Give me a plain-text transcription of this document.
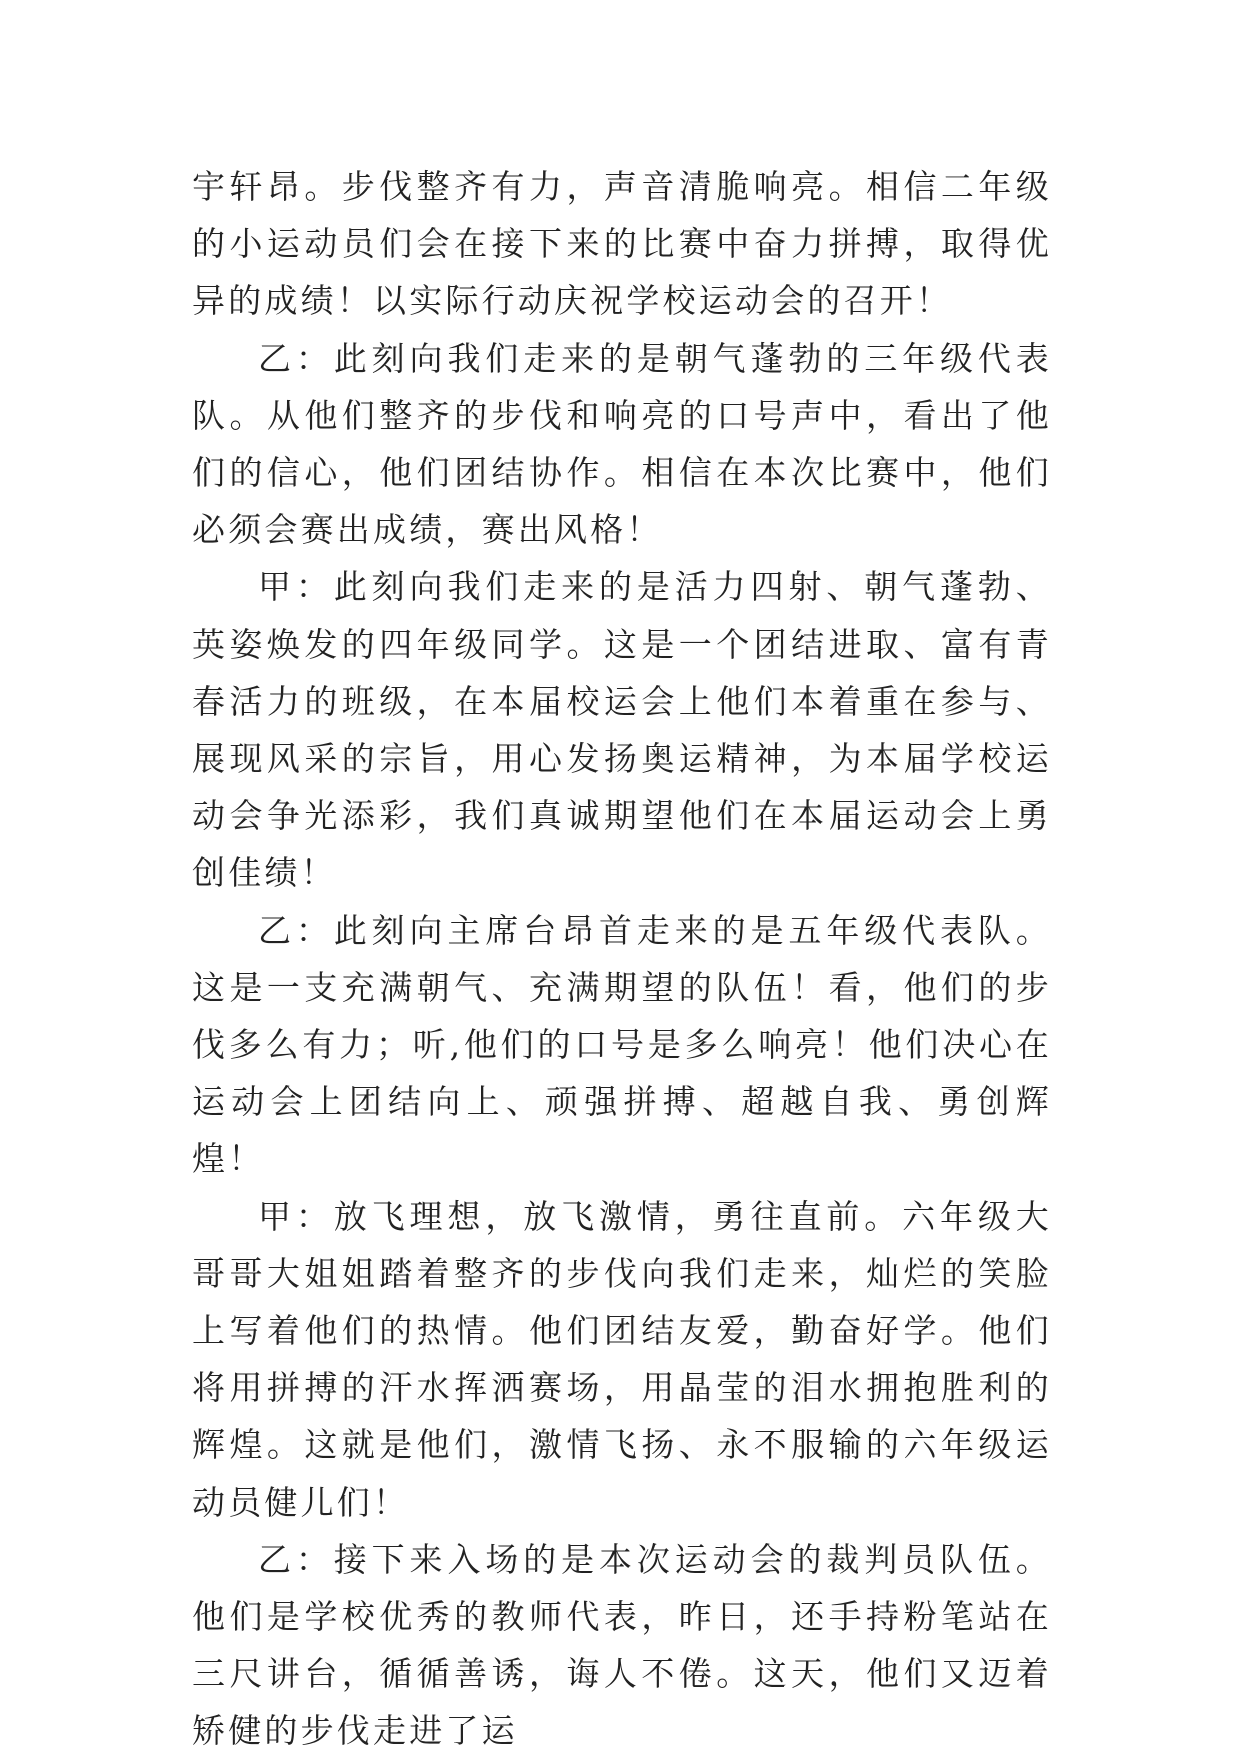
宇轩昂。步伐整齐有力，声音清脆响亮。相信二年级的小运动员们会在接下来的比赛中奋力拼搏，取得优异的成绩！以实际行动庆祝学校运动会的召开！

乙：此刻向我们走来的是朝气蓬勃的三年级代表队。从他们整齐的步伐和响亮的口号声中，看出了他们的信心，他们团结协作。相信在本次比赛中，他们必须会赛出成绩，赛出风格！

甲：此刻向我们走来的是活力四射、朝气蓬勃、英姿焕发的四年级同学。这是一个团结进取、富有青春活力的班级，在本届校运会上他们本着重在参与、展现风采的宗旨，用心发扬奥运精神，为本届学校运动会争光添彩，我们真诚期望他们在本届运动会上勇创佳绩！

乙：此刻向主席台昂首走来的是五年级代表队。这是一支充满朝气、充满期望的队伍！看，他们的步伐多么有力；听,他们的口号是多么响亮！他们决心在运动会上团结向上、顽强拼搏、超越自我、勇创辉煌！

甲：放飞理想，放飞激情，勇往直前。六年级大哥哥大姐姐踏着整齐的步伐向我们走来，灿烂的笑脸上写着他们的热情。他们团结友爱，勤奋好学。他们将用拼搏的汗水挥洒赛场，用晶莹的泪水拥抱胜利的辉煌。这就是他们，激情飞扬、永不服输的六年级运动员健儿们！

乙：接下来入场的是本次运动会的裁判员队伍。他们是学校优秀的教师代表，昨日，还手持粉笔站在三尺讲台，循循善诱，诲人不倦。这天，他们又迈着矫健的步伐走进了运
